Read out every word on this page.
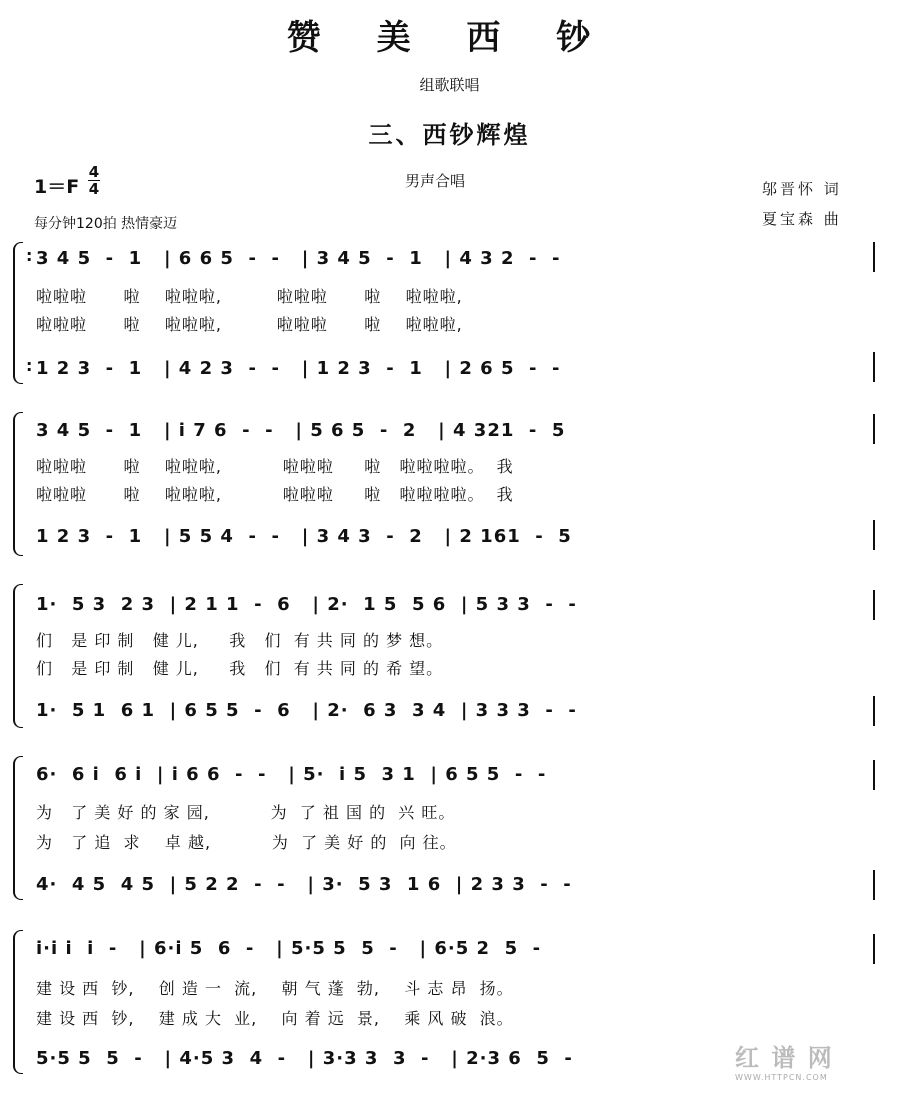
赞 美 西 钞
组歌联唱
三、西钞辉煌
男声合唱
1＝F
4
4
每分钟120拍 热情豪迈
邬晋怀 词
夏宝森 曲
:
:
3 4 5  -  1   | 6 6 5  -  -   | 3 4 5  -  1   | 4 3 2  -  -
啦啦啦      啦    啦啦啦,         啦啦啦      啦    啦啦啦,
啦啦啦      啦    啦啦啦,         啦啦啦      啦    啦啦啦,
1 2 3  -  1   | 4 2 3  -  -   | 1 2 3  -  1   | 2 6 5  -  -
3 4 5  -  1   | i 7 6  -  -   | 5 6 5  -  2   | 4 321  -  5
啦啦啦      啦    啦啦啦,          啦啦啦     啦   啦啦啦啦。  我
啦啦啦      啦    啦啦啦,          啦啦啦     啦   啦啦啦啦。  我
1 2 3  -  1   | 5 5 4  -  -   | 3 4 3  -  2   | 2 161  -  5
1·  5 3  2 3  | 2 1 1  -  6   | 2·  1 5  5 6  | 5 3 3  -  -
们   是 印 制   健 儿,     我   们  有 共 同 的 梦 想。
们   是 印 制   健 儿,     我   们  有 共 同 的 希 望。
1·  5 1  6 1  | 6 5 5  -  6   | 2·  6 3  3 4  | 3 3 3  -  -
6·  6 i  6 i  | i 6 6  -  -   | 5·  i 5  3 1  | 6 5 5  -  -
为   了 美 好 的 家 园,          为  了 祖 国 的  兴 旺。
为   了 追  求    卓 越,          为  了 美 好 的  向 往。
4·  4 5  4 5  | 5 2 2  -  -   | 3·  5 3  1 6  | 2 3 3  -  -
i·i i  i  -   | 6·i 5  6  -   | 5·5 5  5  -   | 6·5 2  5  -
建 设 西  钞,    创 造 一  流,    朝 气 蓬  勃,    斗 志 昂  扬。
建 设 西  钞,    建 成 大  业,    向 着 远  景,    乘 风 破  浪。
5·5 5  5  -   | 4·5 3  4  -   | 3·3 3  3  -   | 2·3 6  5  -	红 谱 网
WWW.HTTPCN.COM
